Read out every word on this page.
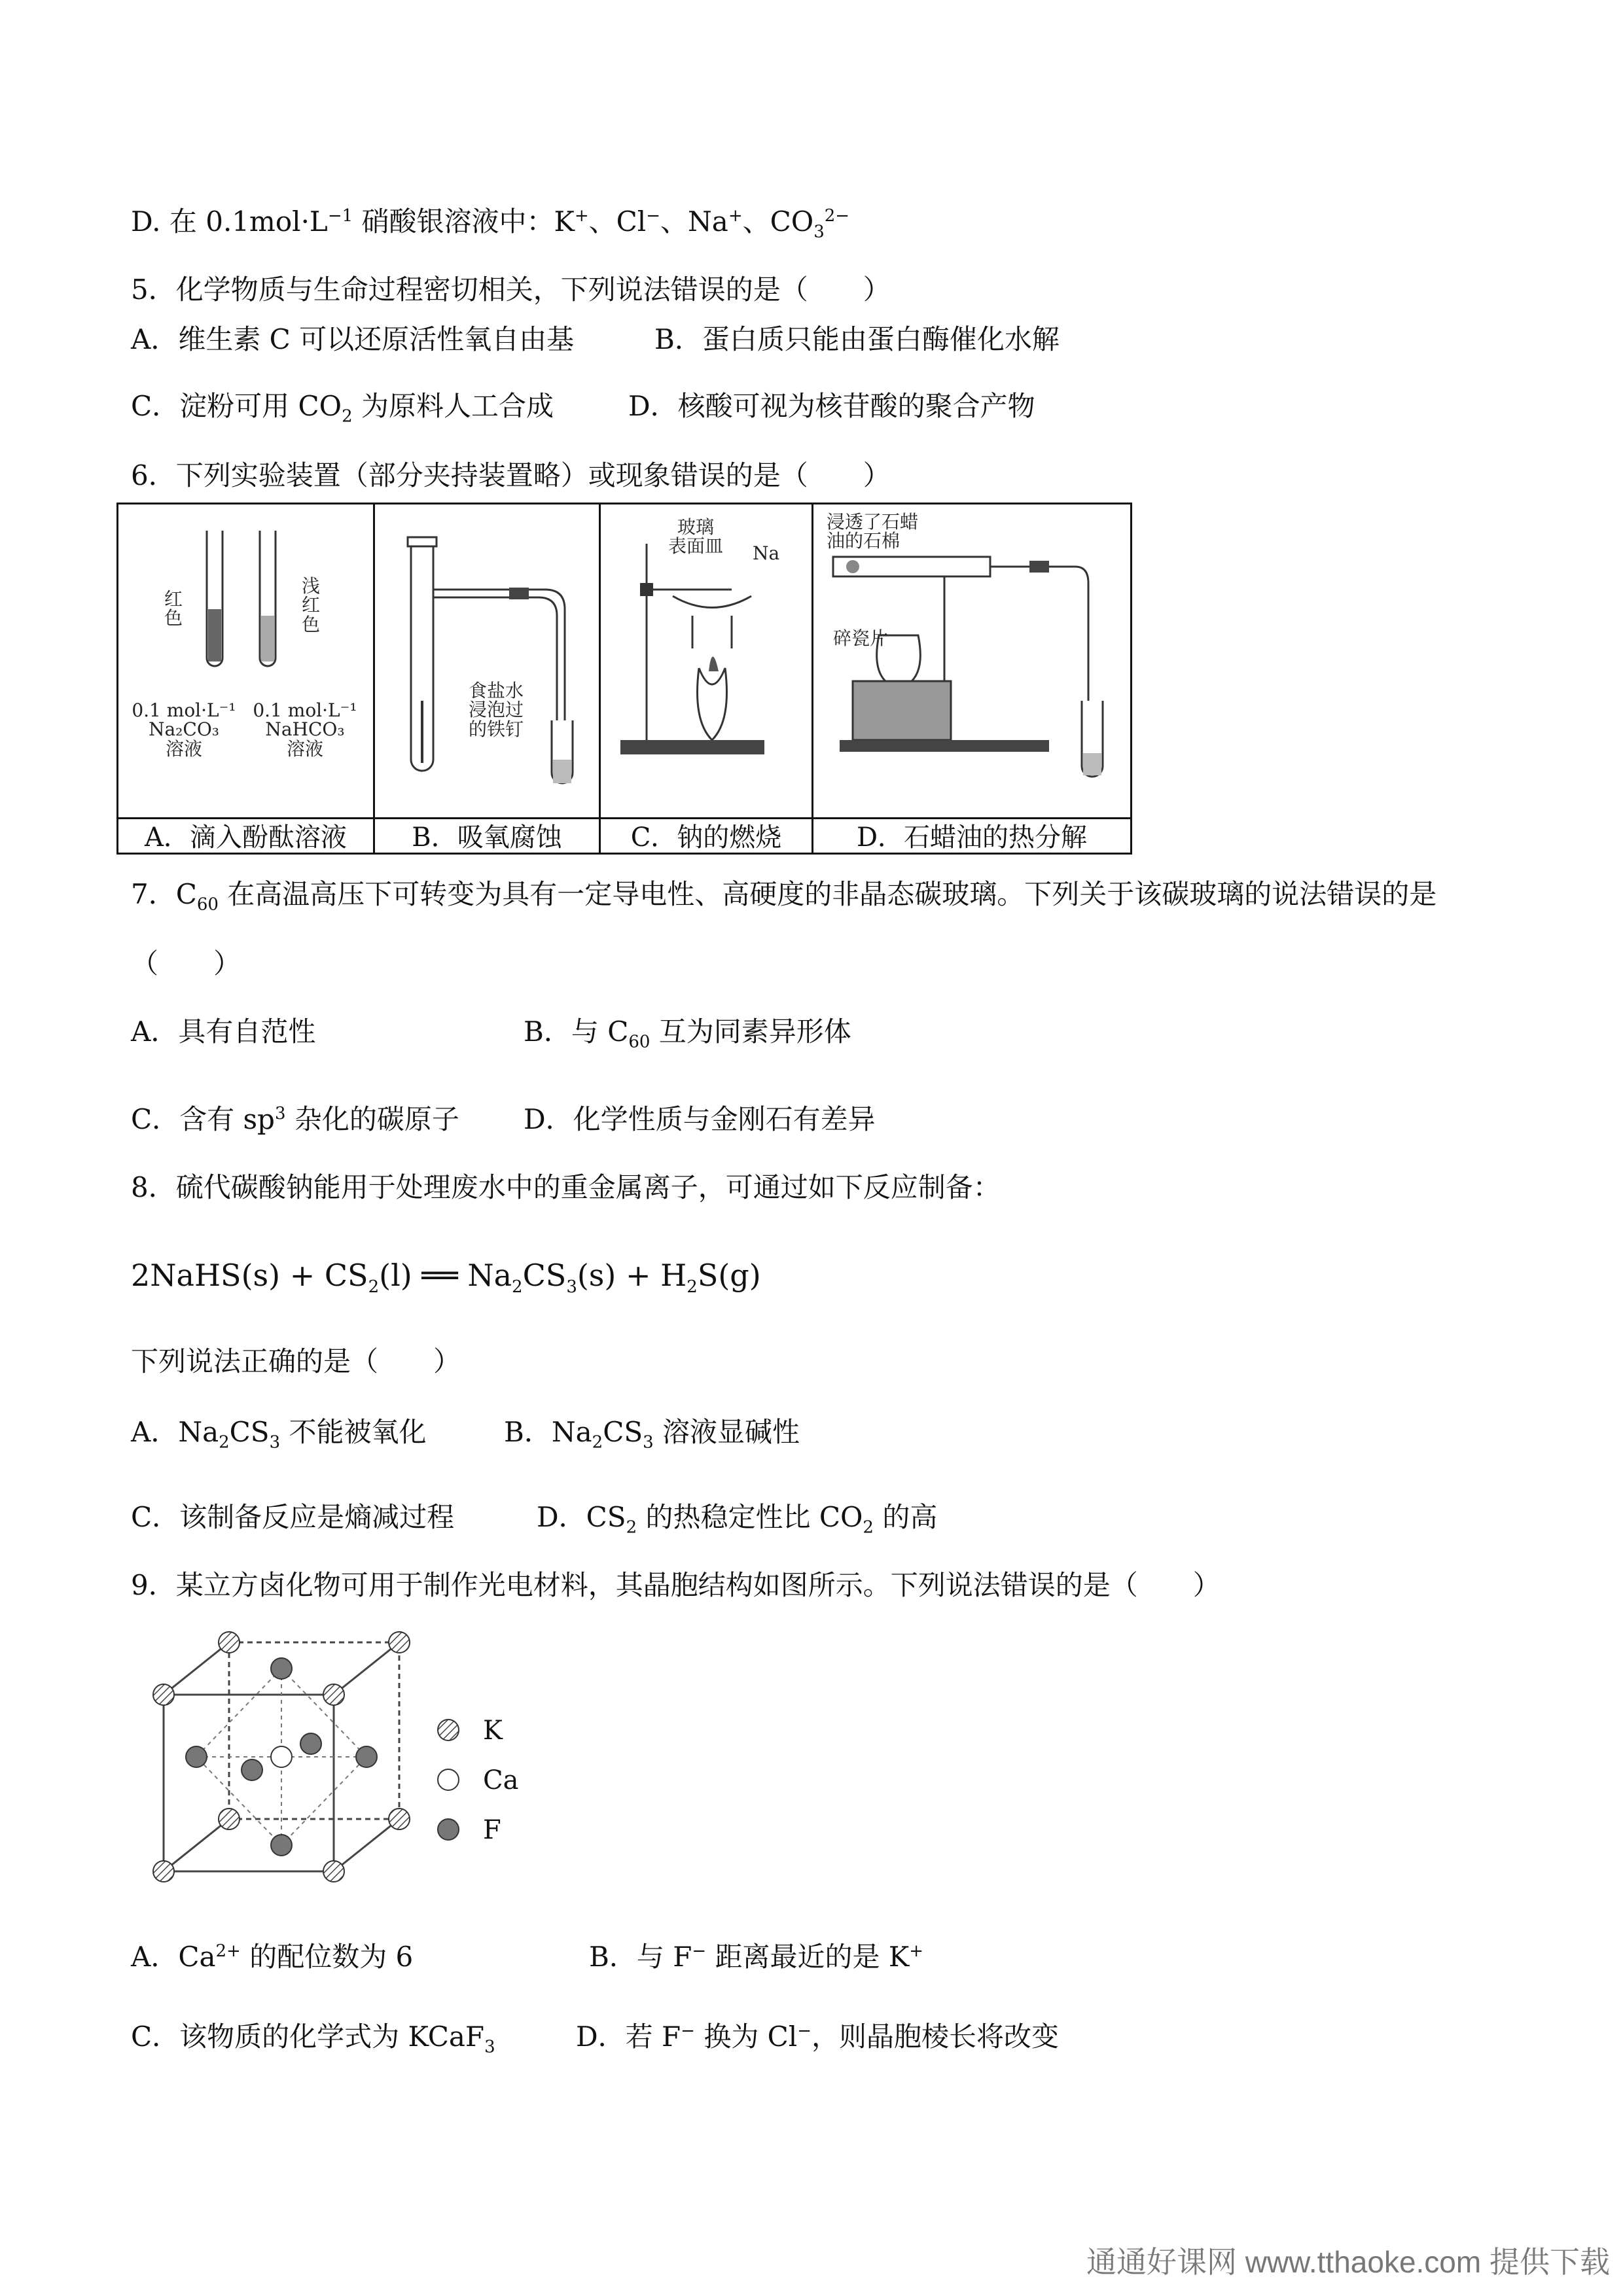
D. 在 $0.1mol\cdot L^{-1}$ 硝酸银溶液中：K+、Cl−、Na+、$CO_3^{2-}$
5．化学物质与生命过程密切相关，下列说法错误的是（　　）
A．维生素 C 可以还原活性氧自由基	B．蛋白质只能由蛋白酶催化水解
C．淀粉可用 $CO_2$ 为原料人工合成	D．核酸可视为核苷酸的聚合产物
6．下列实验装置（部分夹持装置略）或现象错误的是（　　）
红
色
浅
红
色
0.1 mol·L⁻¹
Na₂CO₃
溶液
0.1 mol·L⁻¹
NaHCO₃
溶液
食盐水
浸泡过
的铁钉
玻璃
表面皿	Na
浸透了石蜡
油的石棉
碎瓷片
A．滴入酚酞溶液	B．吸氧腐蚀	C．钠的燃烧	D．石蜡油的热分解
7．$C_{60}$ 在高温高压下可转变为具有一定导电性、高硬度的非晶态碳玻璃。下列关于该碳玻璃的说法错误的是
（　　）
A．具有自范性	B．与 $C_{60}$ 互为同素异形体
C．含有 $sp^3$ 杂化的碳原子 D．化学性质与金刚石有差异
8．硫代碳酸钠能用于处理废水中的重金属离子，可通过如下反应制备：
2NaHS(s) + $CS_2(l)$ ══ $Na_2CS_3(s) + H_2S(g)$
下列说法正确的是（　　）
A．$Na_2CS_3$ 不能被氧化	B．$Na_2CS_3$ 溶液显碱性
C．该制备反应是熵减过程	D．$CS_2$ 的热稳定性比 $CO_2$ 的高
9．某立方卤化物可用于制作光电材料，其晶胞结构如图所示。下列说法错误的是（　　）
K
Ca
F
A．$Ca^{2+}$ 的配位数为 6	B．与 F− 距离最近的是 K+
C．该物质的化学式为 KCaF$_3$	D．若 F− 换为 Cl−，则晶胞棱长将改变
通通好课网 www.tthaoke.com 提供下载
